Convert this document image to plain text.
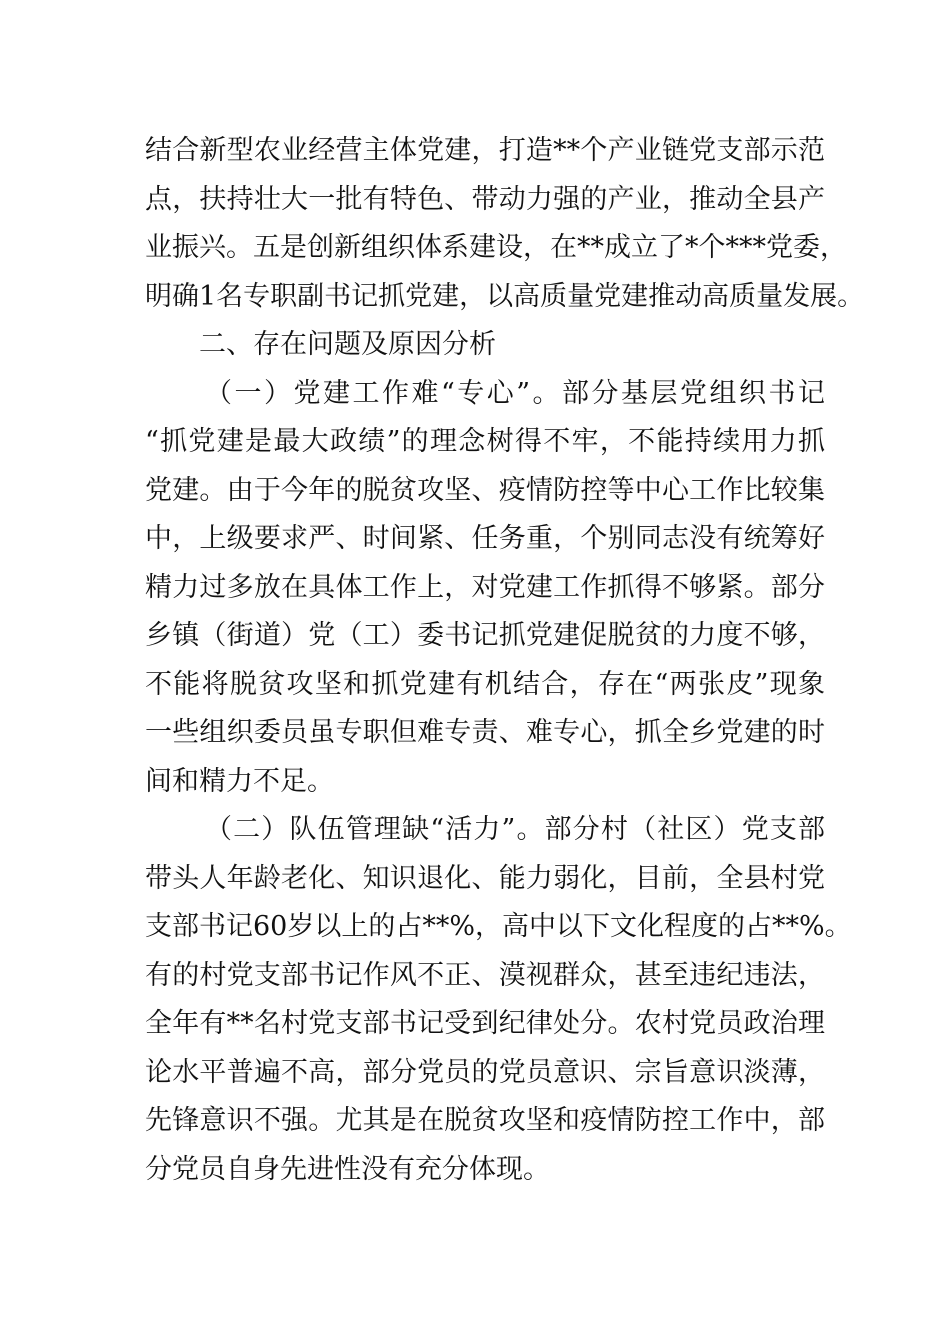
结合新型农业经营主体党建，打造**个产业链党支部示范
点，扶持壮大一批有特色、带动力强的产业，推动全县产
业振兴。五是创新组织体系建设，在**成立了*个***党委，
明确1名专职副书记抓党建，以高质量党建推动高质量发展。
二、存在问题及原因分析
（一）党建工作难“专心”。部分基层党组织书记
“抓党建是最大政绩”的理念树得不牢，不能持续用力抓
党建。由于今年的脱贫攻坚、疫情防控等中心工作比较集
中，上级要求严、时间紧、任务重，个别同志没有统筹好
精力过多放在具体工作上，对党建工作抓得不够紧。部分
乡镇（街道）党（工）委书记抓党建促脱贫的力度不够，
不能将脱贫攻坚和抓党建有机结合，存在“两张皮”现象
一些组织委员虽专职但难专责、难专心，抓全乡党建的时
间和精力不足。
（二）队伍管理缺“活力”。部分村（社区）党支部
带头人年龄老化、知识退化、能力弱化，目前，全县村党
支部书记60岁以上的占**%，高中以下文化程度的占**%。
有的村党支部书记作风不正、漠视群众，甚至违纪违法，
全年有**名村党支部书记受到纪律处分。农村党员政治理
论水平普遍不高，部分党员的党员意识、宗旨意识淡薄，
先锋意识不强。尤其是在脱贫攻坚和疫情防控工作中，部
分党员自身先进性没有充分体现。
